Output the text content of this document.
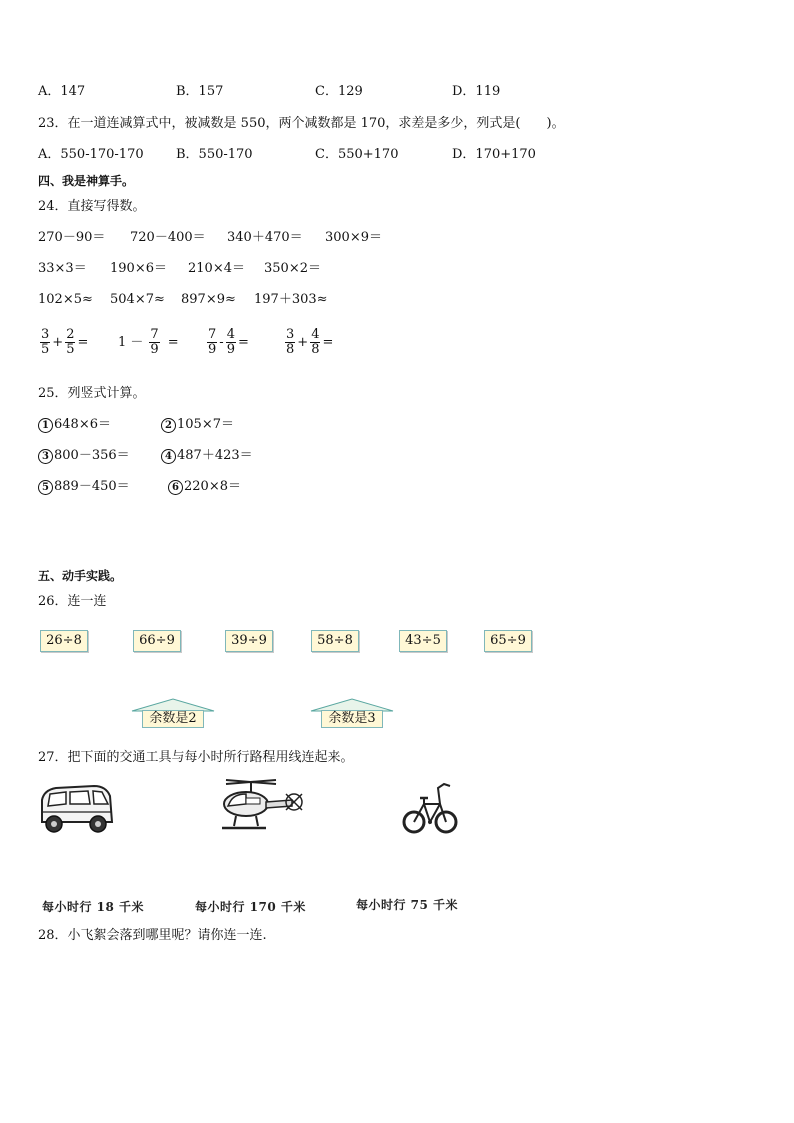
A．147	B．157	C．129	D．119
23．在一道连减算式中，被减数是 550，两个减数都是 170，求差是多少，列式是(　　)。
A．550-170-170 B．550-170	C．550+170	D．170+170
四、我是神算手。
24．直接写得数。
270－90＝ 720－400＝ 340＋470＝ 300×9＝
33×3＝ 190×6＝ 210×4＝ 350×2＝
102×5≈ 504×7≈ 897×9≈ 197＋303≈
$\frac{3}{5} + \frac{2}{5} = 1 - \frac{7}{9} = \frac{7}{9} - \frac{4}{9}$ =	$\frac{3}{8} + \frac{4}{8}$ =
25．列竖式计算。
1 648×6＝	2 105×7＝
3 800－356＝	4 487＋423＝
5 889－450＝	6 220×8＝
五、动手实践。
26．连一连
26÷8	66÷9	39÷9	58÷8	43÷5	65÷9
余数是2	余数是3
27．把下面的交通工具与每小时所行路程用线连起来。
每小时行 18 千米	每小时行 170 千米	每小时行 75 千米
28．小飞絮会落到哪里呢？请你连一连.
